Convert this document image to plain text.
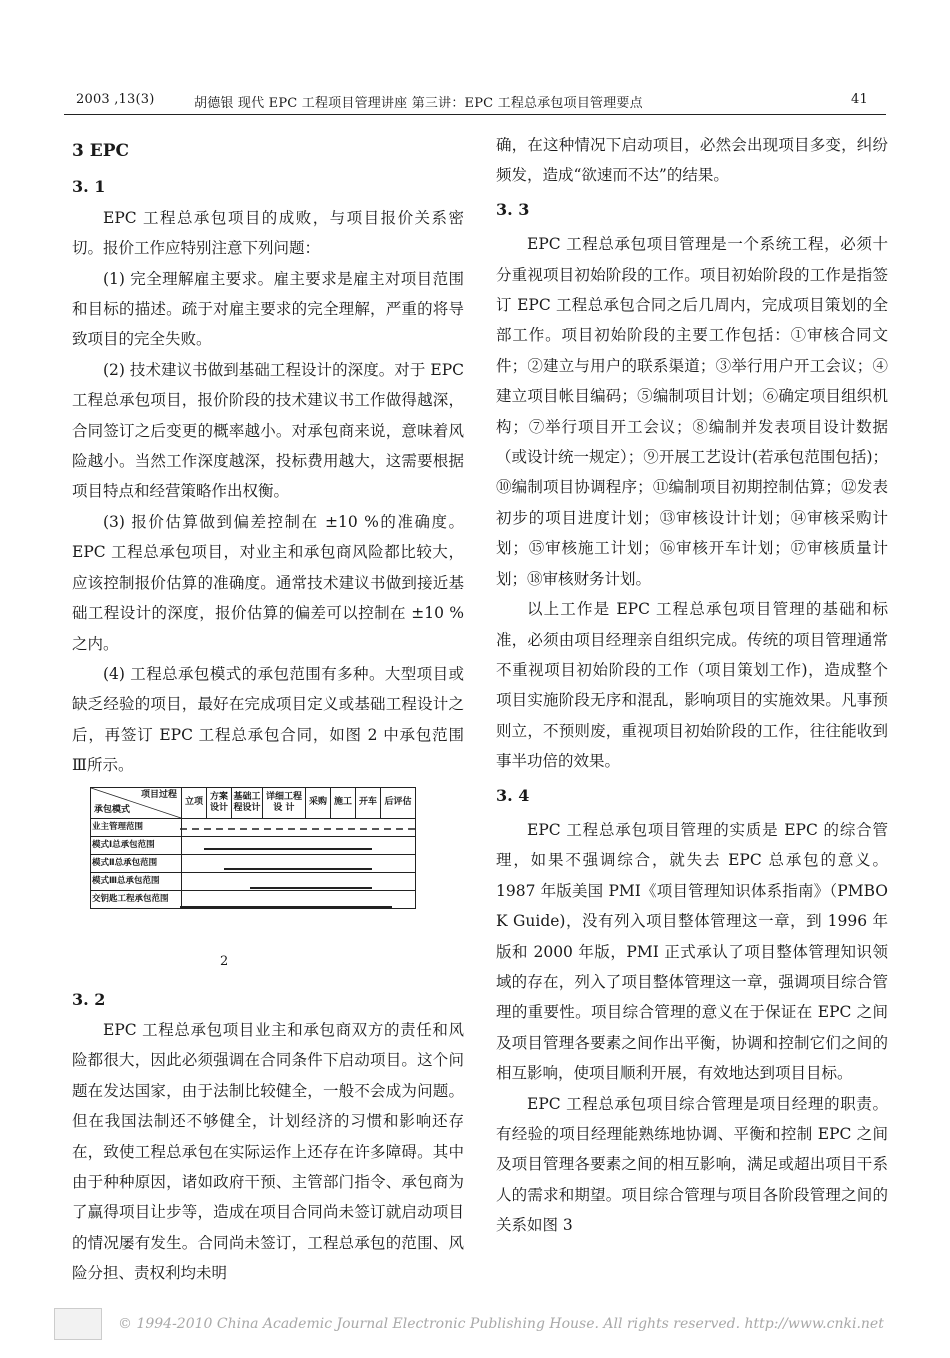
2003 ,13(3)	胡德银 现代 EPC 工程项目管理讲座 第三讲：EPC 工程总承包项目管理要点	41
3 EPC
3. 1

EPC 工程总承包项目的成败，与项目报价关系密切。报价工作应特别注意下列问题：

(1) 完全理解雇主要求。雇主要求是雇主对项目范围和目标的描述。疏于对雇主要求的完全理解，严重的将导致项目的完全失败。

(2) 技术建议书做到基础工程设计的深度。对于 EPC 工程总承包项目，报价阶段的技术建议书工作做得越深，合同签订之后变更的概率越小。对承包商来说，意味着风险越小。当然工作深度越深，投标费用越大，这需要根据项目特点和经营策略作出权衡。

(3) 报价估算做到偏差控制在 ±10 %的准确度。EPC 工程总承包项目，对业主和承包商风险都比较大，应该控制报价估算的准确度。通常技术建议书做到接近基础工程设计的深度，报价估算的偏差可以控制在 ±10 %之内。

(4) 工程总承包模式的承包范围有多种。大型项目或缺乏经验的项目，最好在完成项目定义或基础工程设计之后，再签订 EPC 工程总承包合同，如图 2 中承包范围 Ⅲ所示。

项目过程
承包模式	立项	方案设计	基础工程设计	详细工程设 计	采购	施工	开车	后评估
业主管理范围								
模式Ⅰ总承包范围								
模式Ⅱ总承包范围								
模式Ⅲ总承包范围								
交钥匙工程承包范围								
2
3. 2

EPC 工程总承包项目业主和承包商双方的责任和风险都很大，因此必须强调在合同条件下启动项目。这个问题在发达国家，由于法制比较健全，一般不会成为问题。但在我国法制还不够健全，计划经济的习惯和影响还存在，致使工程总承包在实际运作上还存在许多障碍。其中由于种种原因，诸如政府干预、主管部门指令、承包商为了赢得项目让步等，造成在项目合同尚未签订就启动项目的情况屡有发生。合同尚未签订，工程总承包的范围、风险分担、责权利均未明

确，在这种情况下启动项目，必然会出现项目多变，纠纷频发，造成“欲速而不达”的结果。

3. 3

EPC 工程总承包项目管理是一个系统工程，必须十分重视项目初始阶段的工作。项目初始阶段的工作是指签订 EPC 工程总承包合同之后几周内，完成项目策划的全部工作。项目初始阶段的主要工作包括：①审核合同文件；②建立与用户的联系渠道；③举行用户开工会议；④建立项目帐目编码；⑤编制项目计划；⑥确定项目组织机构；⑦举行项目开工会议；⑧编制并发表项目设计数据（或设计统一规定）；⑨开展工艺设计(若承包范围包括)；⑩编制项目协调程序；⑪编制项目初期控制估算；⑫发表初步的项目进度计划；⑬审核设计计划；⑭审核采购计划；⑮审核施工计划；⑯审核开车计划；⑰审核质量计划；⑱审核财务计划。

以上工作是 EPC 工程总承包项目管理的基础和标准，必须由项目经理亲自组织完成。传统的项目管理通常不重视项目初始阶段的工作（项目策划工作)，造成整个项目实施阶段无序和混乱，影响项目的实施效果。凡事预则立，不预则废，重视项目初始阶段的工作，往往能收到事半功倍的效果。

3. 4

EPC 工程总承包项目管理的实质是 EPC 的综合管理，如果不强调综合，就失去 EPC 总承包的意义。1987 年版美国 PMI《项目管理知识体系指南》（PMBO K Guide)，没有列入项目整体管理这一章，到 1996 年版和 2000 年版，PMI 正式承认了项目整体管理知识领域的存在，列入了项目整体管理这一章，强调项目综合管理的重要性。项目综合管理的意义在于保证在 EPC 之间及项目管理各要素之间作出平衡，协调和控制它们之间的相互影响，使项目顺利开展，有效地达到项目目标。

EPC 工程总承包项目综合管理是项目经理的职责。有经验的项目经理能熟练地协调、平衡和控制 EPC 之间及项目管理各要素之间的相互影响，满足或超出项目干系人的需求和期望。项目综合管理与项目各阶段管理之间的关系如图 3

© 1994-2010 China Academic Journal Electronic Publishing House. All rights reserved. http://www.cnki.net
